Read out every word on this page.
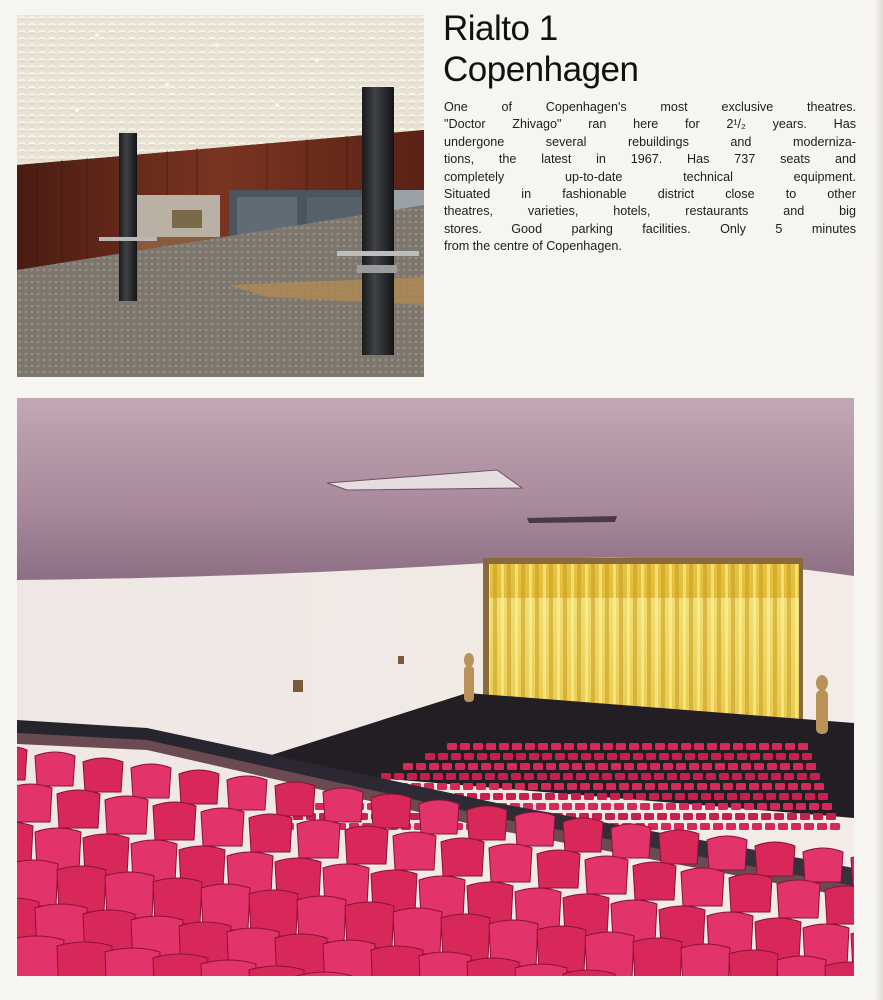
Rialto 1
Copenhagen
One of Copenhagen's most exclusive theatres.
"Doctor Zhivago" ran here for 2¹/₂ years. Has
undergone several rebuildings and moderniza-
tions, the latest in 1967. Has 737 seats and
completely up-to-date technical equipment.
Situated in fashionable district close to other
theatres, varieties, hotels, restaurants and big
stores. Good parking facilities. Only 5 minutes
from the centre of Copenhagen.
